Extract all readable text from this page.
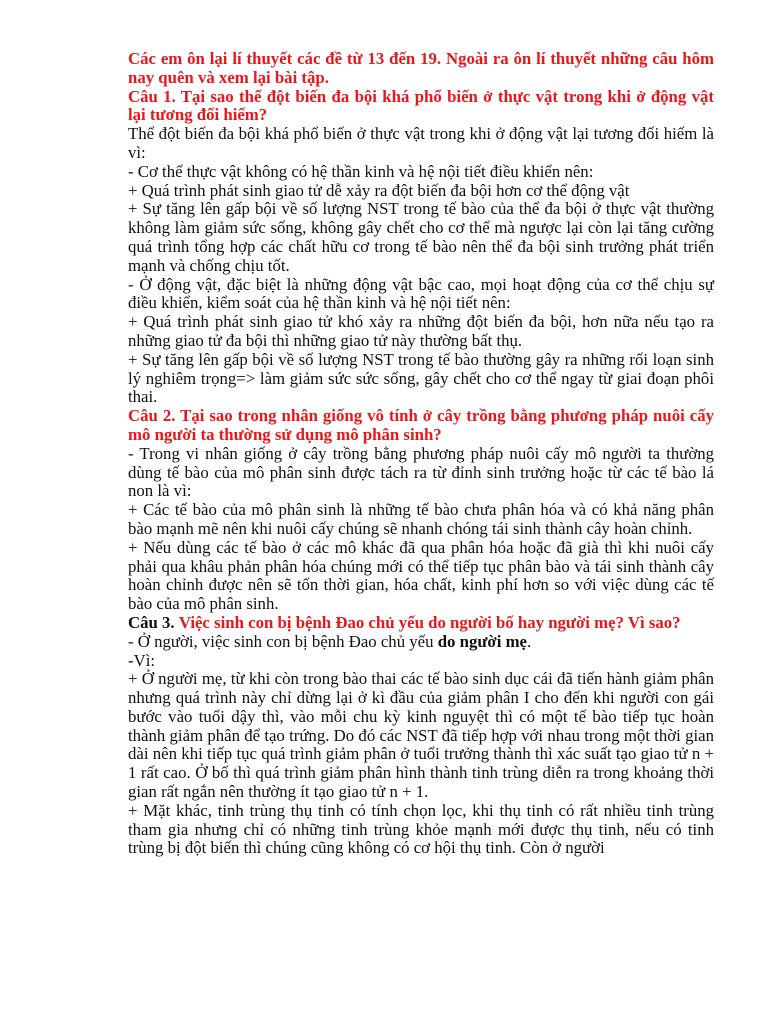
Các em ôn lại lí thuyết các đề từ 13 đến 19. Ngoài ra ôn lí thuyết những câu hôm nay quên và xem lại bài tập.

Câu 1. Tại sao thể đột biến đa bội khá phổ biến ở thực vật trong khi ở động vật lại tương đối hiếm?

Thể đột biến đa bội khá phổ biến ở thực vật trong khi ở động vật lại tương đối hiếm là vì:

- Cơ thể thực vật không có hệ thần kinh và hệ nội tiết điều khiển nên:

+ Quá trình phát sinh giao tử dễ xảy ra đột biến đa bội hơn cơ thể động vật

+ Sự tăng lên gấp bội về số lượng NST trong tế bào của thể đa bội ở thực vật thường không làm giảm sức sống, không gây chết cho cơ thể mà ngược lại còn lại tăng cường quá trình tổng hợp các chất hữu cơ trong tế bào nên thể đa bội sinh trưởng phát triển mạnh và chống chịu tốt.

- Ở động vật, đặc biệt là những động vật bậc cao, mọi hoạt động của cơ thể chịu sự điều khiển, kiểm soát của hệ thần kinh và hệ nội tiết nên:

+ Quá trình phát sinh giao tử khó xảy ra những đột biến đa bội, hơn nữa nếu tạo ra những giao tử đa bội thì những giao tử này thường bất thụ.

+ Sự tăng lên gấp bội về số lượng NST trong tế bào thường gây ra những rối loạn sinh lý nghiêm trọng=> làm giảm sức sức sống, gây chết cho cơ thể ngay từ giai đoạn phôi thai.

Câu 2. Tại sao trong nhân giống vô tính ở cây trồng bằng phương pháp nuôi cấy mô người ta thường sử dụng mô phân sinh?

- Trong vi nhân giống ở cây trồng bằng phương pháp nuôi cấy mô người ta thường dùng tế bào của mô phân sinh được tách ra từ đỉnh sinh trưởng hoặc từ các tế bào lá non là vì:

+ Các tế bào của mô phân sinh là những tế bào chưa phân hóa và có khả năng phân bào mạnh mẽ nên khi nuôi cấy chúng sẽ nhanh chóng tái sinh thành cây hoàn chỉnh.

+ Nếu dùng các tế bào ở các mô khác đã qua phân hóa hoặc đã già thì khi nuôi cấy phải qua khâu phản phân hóa chúng mới có thể tiếp tục phân bào và tái sinh thành cây hoàn chỉnh được nên sẽ tốn thời gian, hóa chất, kinh phí hơn so với việc dùng các tế bào của mô phân sinh.

Câu 3. Việc sinh con bị bệnh Đao chủ yếu do người bố hay người mẹ? Vì sao?

- Ở người, việc sinh con bị bệnh Đao chủ yếu do người mẹ.

-Vì:

+ Ở người mẹ, từ khi còn trong bào thai các tế bào sinh dục cái đã tiến hành giảm phân nhưng quá trình này chỉ dừng lại ở kì đầu của giảm phân I cho đến khi người con gái bước vào tuổi dậy thì, vào mỗi chu kỳ kinh nguyệt thì có một tế bào tiếp tục hoàn thành giảm phân để tạo trứng. Do đó các NST đã tiếp hợp với nhau trong một thời gian dài nên khi tiếp tục quá trình giảm phân ở tuổi trưởng thành thì xác suất tạo giao tử n + 1 rất cao. Ở bố thì quá trình giảm phân hình thành tinh trùng diễn ra trong khoảng thời gian rất ngắn nên thường ít tạo giao tử n + 1.

+ Mặt khác, tinh trùng thụ tinh có tính chọn lọc, khi thụ tinh có rất nhiều tinh trùng tham gia nhưng chỉ có những tinh trùng khỏe mạnh mới được thụ tinh, nếu có tinh trùng bị đột biến thì chúng cũng không có cơ hội thụ tinh. Còn ở người
